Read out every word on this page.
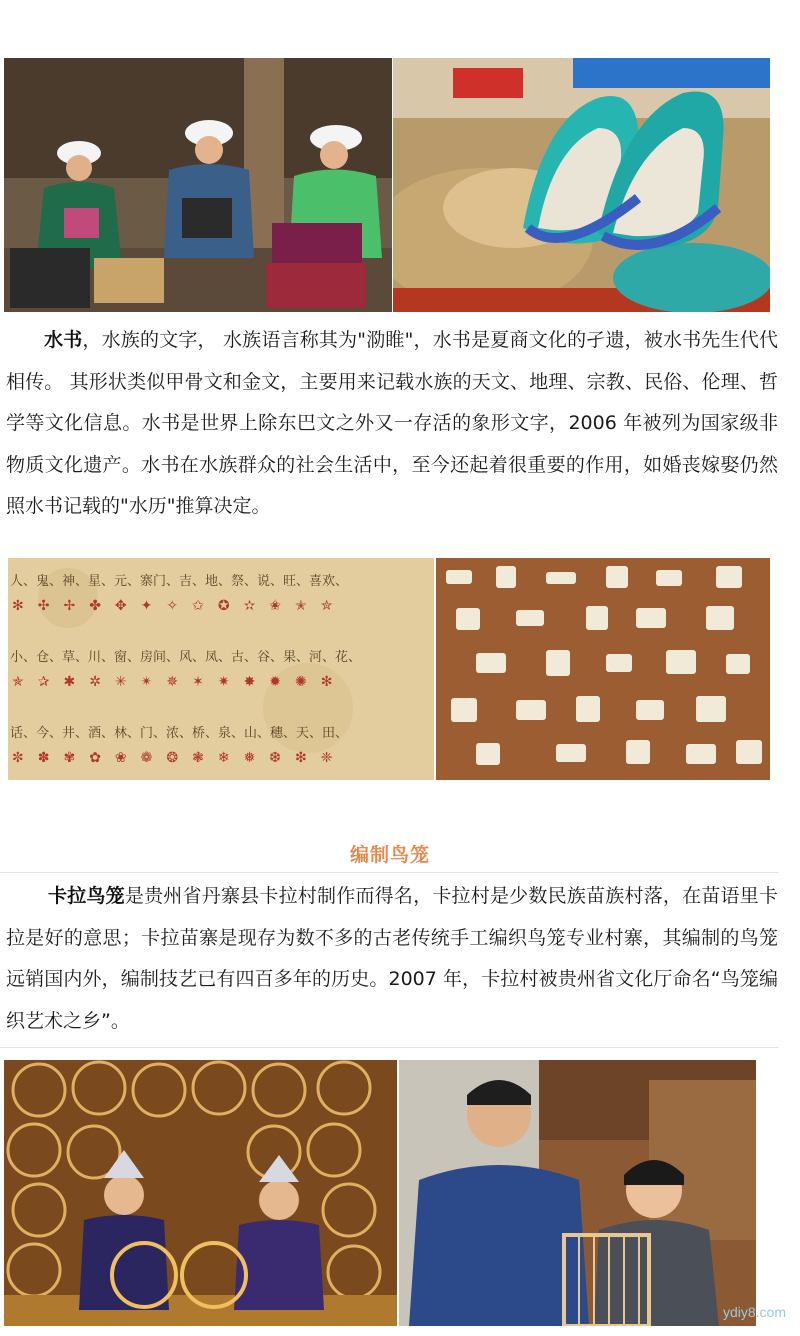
水书，水族的文字， 水族语言称其为"泐睢"，水书是夏商文化的孑遗，被水书先生代代相传。 其形状类似甲骨文和金文，主要用来记载水族的天文、地理、宗教、民俗、伦理、哲学等文化信息。水书是世界上除东巴文之外又一存活的象形文字，2006 年被列为国家级非物质文化遗产。水书在水族群众的社会生活中，至今还起着很重要的作用，如婚丧嫁娶仍然照水书记载的"水历"推算决定。

人、鬼、神、星、元、寨门、吉、地、祭、说、旺、喜欢、
✻✣✢✤✥✦✧✩✪✫✬✭✮
小、仓、草、川、窗、房间、风、凤、古、谷、果、河、花、
✯✰✱✲✳✴✵✶✷✸✹✺✻
话、今、井、酒、林、门、浓、桥、泉、山、穗、天、田、
✼✽✾✿❀❁❂❃❄❅❆❇❈
编制鸟笼

卡拉鸟笼是贵州省丹寨县卡拉村制作而得名，卡拉村是少数民族苗族村落，在苗语里卡拉是好的意思；卡拉苗寨是现存为数不多的古老传统手工编织鸟笼专业村寨，其编制的鸟笼远销国内外，编制技艺已有四百多年的历史。2007 年，卡拉村被贵州省文化厅命名“鸟笼编织艺术之乡”。

ydiy8.com
